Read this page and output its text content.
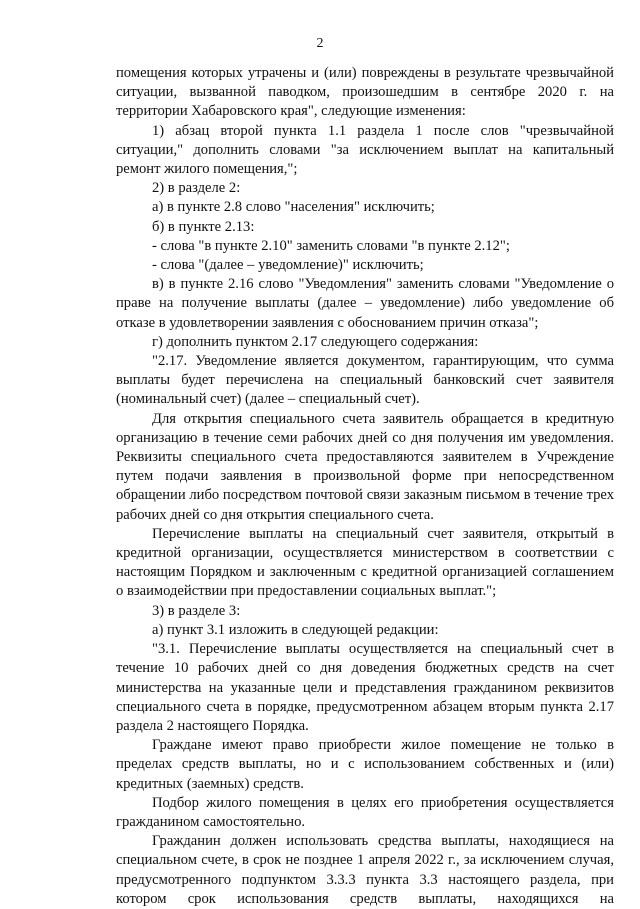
2

помещения которых утрачены и (или) повреждены в результате чрезвычайной ситуации, вызванной паводком, произошедшим в сентябре 2020 г. на территории Хабаровского края", следующие изменения:

1) абзац второй пункта 1.1 раздела 1 после слов "чрезвычайной ситуации," дополнить словами "за исключением выплат на капитальный ремонт жилого помещения,";

2) в разделе 2:

а) в пункте 2.8 слово "населения" исключить;

б) в пункте 2.13:

- слова "в пункте 2.10" заменить словами "в пункте 2.12";

- слова "(далее – уведомление)" исключить;

в) в пункте 2.16 слово "Уведомления" заменить словами "Уведомление о праве на получение выплаты (далее – уведомление) либо уведомление об отказе в удовлетворении заявления с обоснованием причин отказа";

г) дополнить пунктом 2.17 следующего содержания:

"2.17. Уведомление является документом, гарантирующим, что сумма выплаты будет перечислена на специальный банковский счет заявителя (номинальный счет) (далее – специальный счет).

Для открытия специального счета заявитель обращается в кредитную организацию в течение семи рабочих дней со дня получения им уведомления. Реквизиты специального счета предоставляются заявителем в Учреждение путем подачи заявления в произвольной форме при непосредственном обращении либо посредством почтовой связи заказным письмом в течение трех рабочих дней со дня открытия специального счета.

Перечисление выплаты на специальный счет заявителя, открытый в кредитной организации, осуществляется министерством в соответствии с настоящим Порядком и заключенным с кредитной организацией соглашением о взаимодействии при предоставлении социальных выплат.";

3) в разделе 3:

а) пункт 3.1 изложить в следующей редакции:

"3.1. Перечисление выплаты осуществляется на специальный счет в течение 10 рабочих дней со дня доведения бюджетных средств на счет министерства на указанные цели и представления гражданином реквизитов специального счета в порядке, предусмотренном абзацем вторым пункта 2.17 раздела 2 настоящего Порядка.

Граждане имеют право приобрести жилое помещение не только в пределах средств выплаты, но и с использованием собственных и (или) кредитных (заемных) средств.

Подбор жилого помещения в целях его приобретения осуществляется гражданином самостоятельно.

Гражданин должен использовать средства выплаты, находящиеся на специальном счете, в срок не позднее 1 апреля 2022 г., за исключением случая, предусмотренного подпунктом 3.3.3 пункта 3.3 настоящего раздела, при котором срок использования средств выплаты, находящихся на
